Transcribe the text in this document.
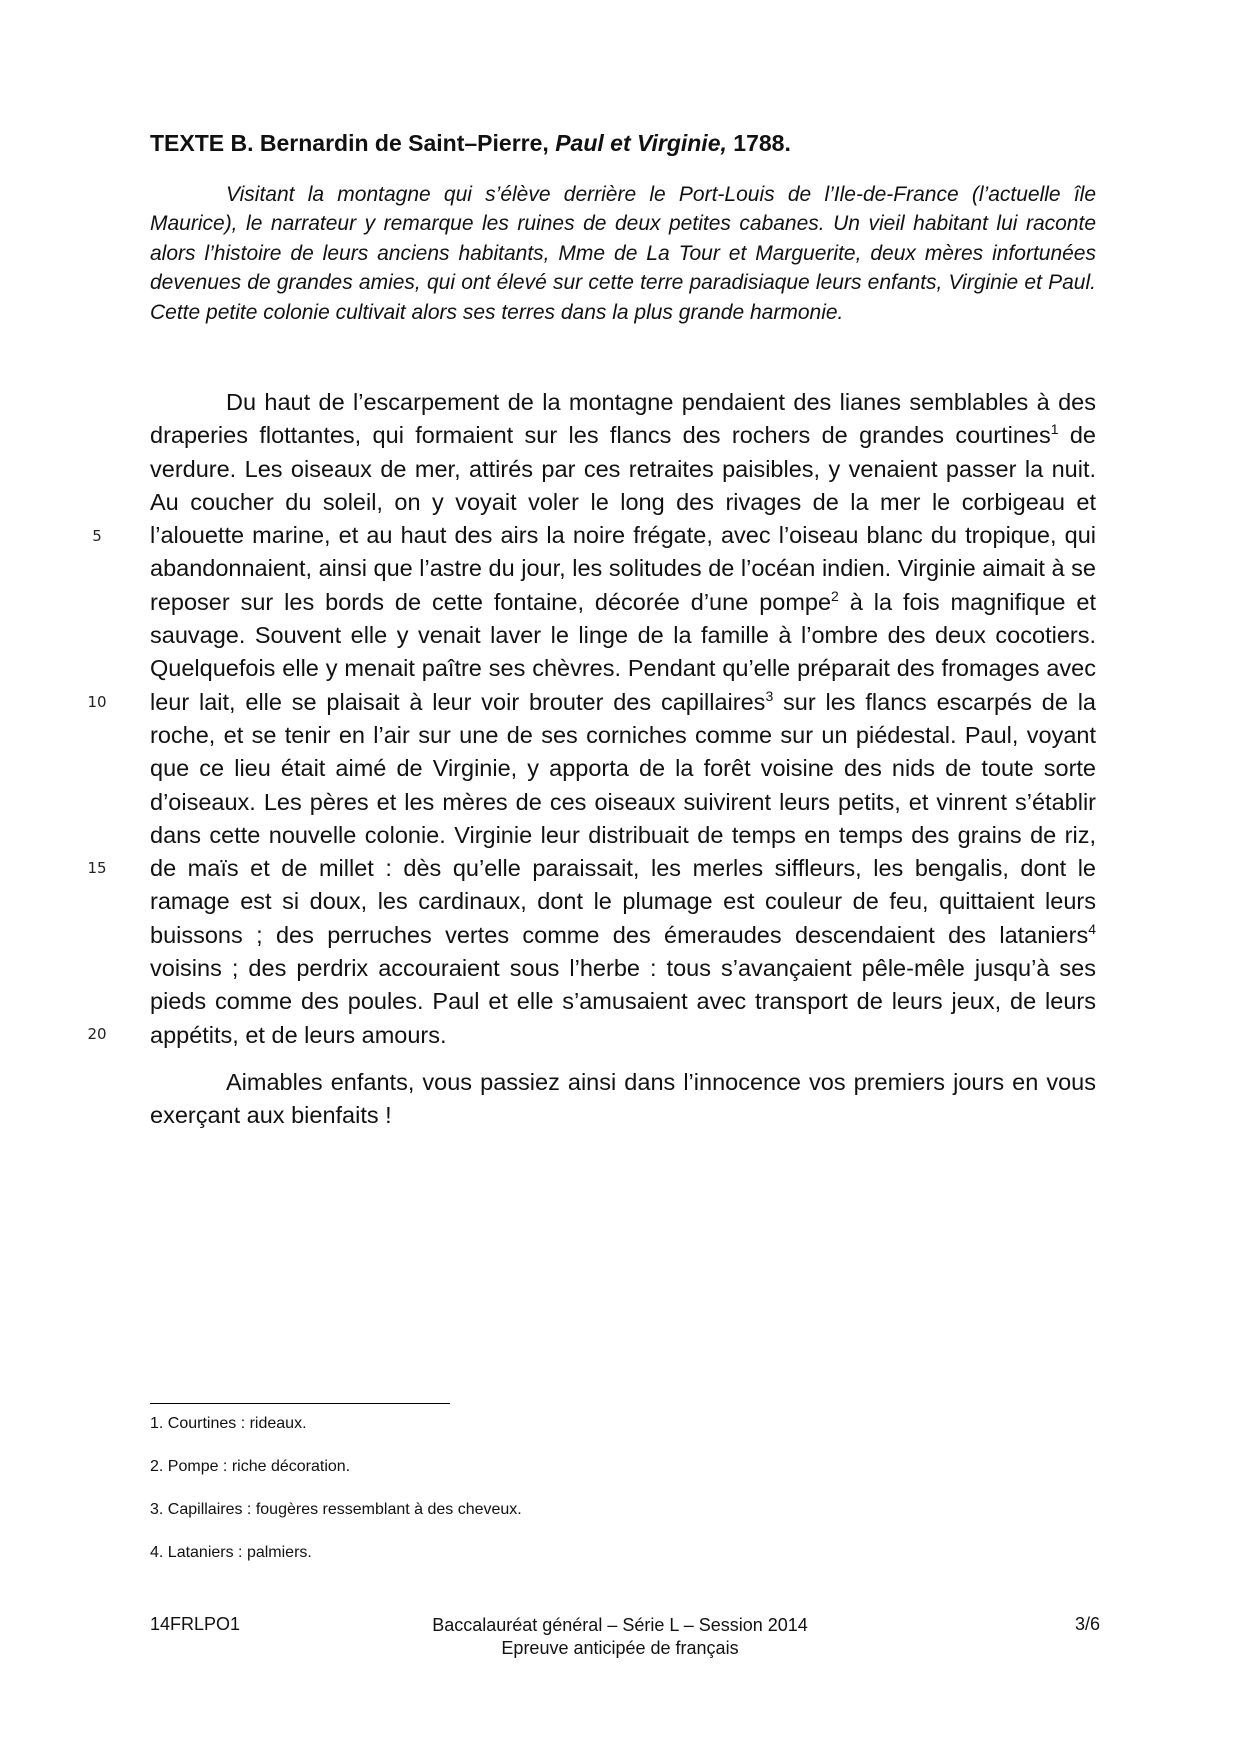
TEXTE B. Bernardin de Saint–Pierre, Paul et Virginie, 1788.

Visitant la montagne qui s’élève derrière le Port-Louis de l’Ile-de-France (l’actuelle île Maurice), le narrateur y remarque les ruines de deux petites cabanes. Un vieil habitant lui raconte alors l’histoire de leurs anciens habitants, Mme de La Tour et Marguerite, deux mères infortunées devenues de grandes amies, qui ont élevé sur cette terre paradisiaque leurs enfants, Virginie et Paul. Cette petite colonie cultivait alors ses terres dans la plus grande harmonie.

Du haut de l’escarpement de la montagne pendaient des lianes semblables à des draperies flottantes, qui formaient sur les flancs des rochers de grandes courtines$^1$ de verdure. Les oiseaux de mer, attirés par ces retraites paisibles, y venaient passer la nuit. Au coucher du soleil, on y voyait voler le long des rivages de la mer le corbigeau et l’alouette marine, et au haut des airs la noire frégate, avec l’oiseau blanc du tropique, qui abandonnaient, ainsi que l’astre du jour, les solitudes de l’océan indien. Virginie aimait à se reposer sur les bords de cette fontaine, décorée d’une pompe$^2$ à la fois magnifique et sauvage. Souvent elle y venait laver le linge de la famille à l’ombre des deux cocotiers. Quelquefois elle y menait paître ses chèvres. Pendant qu’elle préparait des fromages avec leur lait, elle se plaisait à leur voir brouter des capillaires$^3$ sur les flancs escarpés de la roche, et se tenir en l’air sur une de ses corniches comme sur un piédestal. Paul, voyant que ce lieu était aimé de Virginie, y apporta de la forêt voisine des nids de toute sorte d’oiseaux. Les pères et les mères de ces oiseaux suivirent leurs petits, et vinrent s’établir dans cette nouvelle colonie. Virginie leur distribuait de temps en temps des grains de riz, de maïs et de millet : dès qu’elle paraissait, les merles siffleurs, les bengalis, dont le ramage est si doux, les cardinaux, dont le plumage est couleur de feu, quittaient leurs buissons ; des perruches vertes comme des émeraudes descendaient des lataniers$^4$ voisins ; des perdrix accouraient sous l’herbe : tous s’avançaient pêle-mêle jusqu’à ses pieds comme des poules. Paul et elle s’amusaient avec transport de leurs jeux, de leurs appétits, et de leurs amours.

Aimables enfants, vous passiez ainsi dans l’innocence vos premiers jours en vous exerçant aux bienfaits !

5
10
15
20
1. Courtines : rideaux.
2. Pompe : riche décoration.
3. Capillaires : fougères ressemblant à des cheveux.
4. Lataniers : palmiers.
14FRLPO1	Baccalauréat général – Série L – Session 2014
Epreuve anticipée de français
3/6
